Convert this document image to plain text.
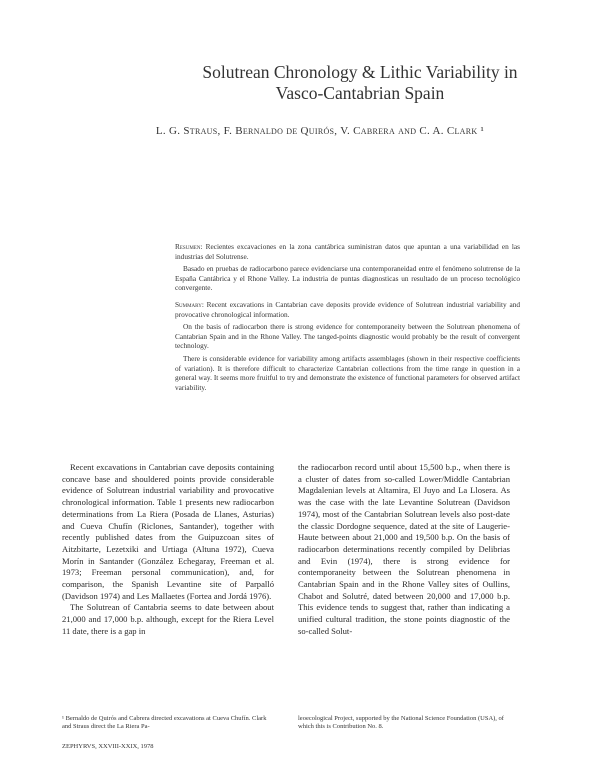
Solutrean Chronology & Lithic Variability in
Vasco-Cantabrian Spain
L. G. Straus, F. Bernaldo de Quirós, V. Cabrera and C. A. Clark ¹

Resumen: Recientes excavaciones en la zona cantábrica suministran datos que apuntan a una variabilidad en las industrias del Solutrense.

Basado en pruebas de radiocarbono parece evidenciarse una contemporaneidad entre el fenómeno solutrense de la España Cantábrica y el Rhone Valley. La industria de puntas diagnosticas un resultado de un proceso tecnológico convergente.

Summary: Recent excavations in Cantabrian cave deposits provide evidence of Solutrean industrial variability and provocative chronological information.

On the basis of radiocarbon there is strong evidence for contemporaneity between the Solutrean phenomena of Cantabrian Spain and in the Rhone Valley. The tanged-points diagnostic would probably be the result of convergent technology.

There is considerable evidence for variability among artifacts assemblages (shown in their respective coefficients of variation). It is therefore difficult to characterize Cantabrian collections from the time range in question in a general way. It seems more fruitful to try and demonstrate the existence of functional parameters for observed artifact variability.

Recent excavations in Cantabrian cave deposits containing concave base and shouldered points provide considerable evidence of Solutrean industrial variability and provocative chronological information. Table 1 presents new radiocarbon determinations from La Riera (Posada de Llanes, Asturias) and Cueva Chufín (Riclones, Santander), together with recently published dates from the Guipuzcoan sites of Aitzbitarte, Lezetxiki and Urtiaga (Altuna 1972), Cueva Morín in Santander (González Echegaray, Freeman et al. 1973; Freeman personal communication), and, for comparison, the Spanish Levantine site of Parpalló (Davidson 1974) and Les Mallaetes (Fortea and Jordá 1976).

The Solutrean of Cantabria seems to date between about 21,000 and 17,000 b.p. although, except for the Riera Level 11 date, there is a gap in

the radiocarbon record until about 15,500 b.p., when there is a cluster of dates from so-called Lower/Middle Cantabrian Magdalenian levels at Altamira, El Juyo and La Llosera. As was the case with the late Levantine Solutrean (Davidson 1974), most of the Cantabrian Solutrean levels also post-date the classic Dordogne sequence, dated at the site of Laugerie-Haute between about 21,000 and 19,500 b.p. On the basis of radiocarbon determinations recently compiled by Delibrias and Evin (1974), there is strong evidence for contemporaneity between the Solutrean phenomena in Cantabrian Spain and in the Rhone Valley sites of Oullins, Chabot and Solutré, dated between 20,000 and 17,000 b.p. This evidence tends to suggest that, rather than indicating a unified cultural tradition, the stone points diagnostic of the so-called Solut-

¹ Bernaldo de Quirós and Cabrera directed excavations at Cueva Chufín. Clark and Straus direct the La Riera Pa-
leoecological Project, supported by the National Science Foundation (USA), of which this is Contribution No. 8.
ZEPHYRVS, XXVIII-XXIX, 1978
